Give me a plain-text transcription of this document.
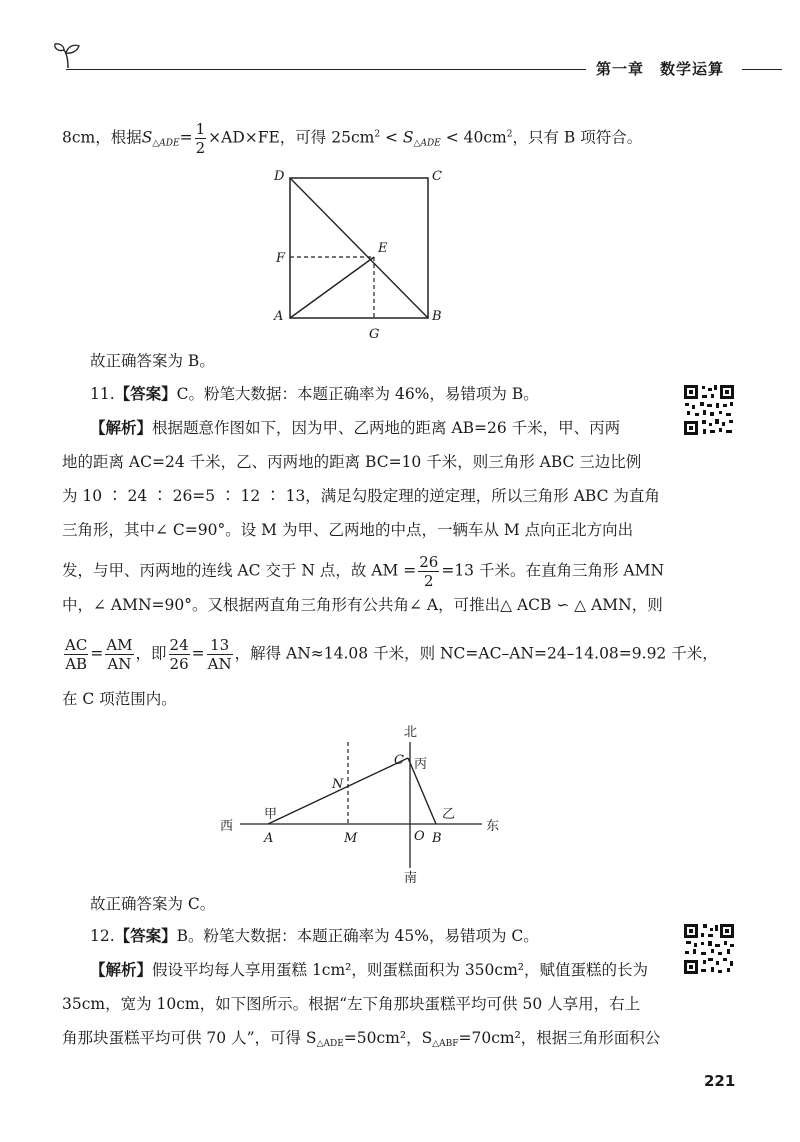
第一章　数学运算
8cm，根据$S_{\triangle ADE}= \frac{1}{2} \times AD\times FE$，可得 $25cm^2 < S_{\triangle ADE} < 40cm^2$，只有 B 项符合。
D	C
E
F
A	B
G
故正确答案为 B。
11.【答案】C。粉笔大数据：本题正确率为 46%，易错项为 B。
【解析】根据题意作图如下，因为甲、乙两地的距离 AB=26 千米，甲、丙两
地的距离 AC=24 千米，乙、丙两地的距离 BC=10 千米，则三角形 ABC 三边比例
为 10 ∶ 24 ∶ 26=5 ∶ 12 ∶ 13，满足勾股定理的逆定理，所以三角形 ABC 为直角
三角形，其中∠ C=90°。设 M 为甲、乙两地的中点，一辆车从 M 点向正北方向出
发，与甲、丙两地的连线 AC 交于 N 点，故 AM = $\frac{26}{2} =13$ 千米。在直角三角形 AMN
中，∠ AMN=90°。又根据两直角三角形有公共角∠ A，可推出△ ACB ∽ △ AMN，则
$\frac{AC}{AB} = \frac{AM}{AN}$ ，即 $\frac{24}{26} = \frac{13}{AN}$ ，解得 AN≈14.08 千米，则 NC=AC–AN=24–14.08=9.92 千米，
在 C 项范围内。
北
南
西	东
甲	乙
丙
C
N
A	M	O B
故正确答案为 C。
12.【答案】B。粉笔大数据：本题正确率为 45%，易错项为 C。
【解析】假设平均每人享用蛋糕 1cm²，则蛋糕面积为 350cm²，赋值蛋糕的长为
35cm，宽为 10cm，如下图所示。根据“左下角那块蛋糕平均可供 50 人享用，右上
角那块蛋糕平均可供 70 人”，可得 $S_{\triangle ADE}=50cm^2$，$S_{\triangle ABF}=70cm^2$，根据三角形面积公
221
